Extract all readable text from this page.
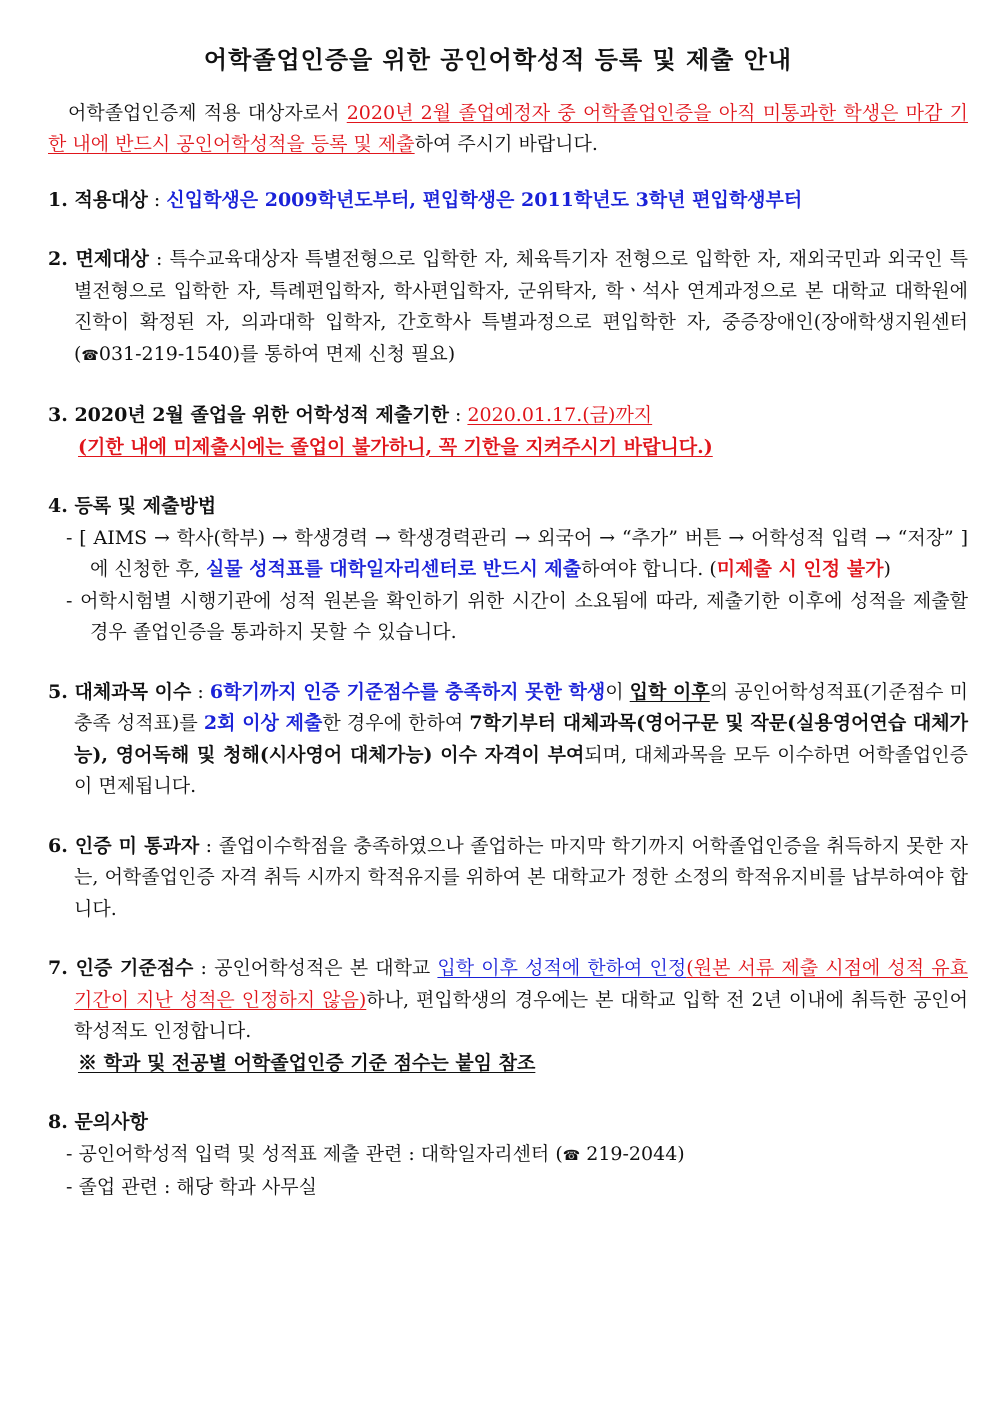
어학졸업인증을 위한 공인어학성적 등록 및 제출 안내

어학졸업인증제 적용 대상자로서 2020년 2월 졸업예정자 중 어학졸업인증을 아직 미통과한 학생은 마감 기한 내에 반드시 공인어학성적을 등록 및 제출하여 주시기 바랍니다.

1. 적용대상 : 신입학생은 2009학년도부터, 편입학생은 2011학년도 3학년 편입학생부터

2. 면제대상 : 특수교육대상자 특별전형으로 입학한 자, 체육특기자 전형으로 입학한 자, 재외국민과 외국인 특별전형으로 입학한 자, 특례편입학자, 학사편입학자, 군위탁자, 학ㆍ석사 연계과정으로 본 대학교 대학원에 진학이 확정된 자, 의과대학 입학자, 간호학사 특별과정으로 편입학한 자, 중증장애인(장애학생지원센터(☎031-219-1540)를 통하여 면제 신청 필요)

3. 2020년 2월 졸업을 위한 어학성적 제출기한 : 2020.01.17.(금)까지

(기한 내에 미제출시에는 졸업이 불가하니, 꼭 기한을 지켜주시기 바랍니다.)

4. 등록 및 제출방법

- [ AIMS → 학사(학부) → 학생경력 → 학생경력관리 → 외국어 → “추가” 버튼 → 어학성적 입력 → “저장” ]에 신청한 후, 실물 성적표를 대학일자리센터로 반드시 제출하여야 합니다. (미제출 시 인정 불가)

- 어학시험별 시행기관에 성적 원본을 확인하기 위한 시간이 소요됨에 따라, 제출기한 이후에 성적을 제출할 경우 졸업인증을 통과하지 못할 수 있습니다.

5. 대체과목 이수 : 6학기까지 인증 기준점수를 충족하지 못한 학생이 입학 이후의 공인어학성적표(기준점수 미충족 성적표)를 2회 이상 제출한 경우에 한하여 7학기부터 대체과목(영어구문 및 작문(실용영어연습 대체가능), 영어독해 및 청해(시사영어 대체가능) 이수 자격이 부여되며, 대체과목을 모두 이수하면 어학졸업인증이 면제됩니다.

6. 인증 미 통과자 : 졸업이수학점을 충족하였으나 졸업하는 마지막 학기까지 어학졸업인증을 취득하지 못한 자는, 어학졸업인증 자격 취득 시까지 학적유지를 위하여 본 대학교가 정한 소정의 학적유지비를 납부하여야 합니다.

7. 인증 기준점수 : 공인어학성적은 본 대학교 입학 이후 성적에 한하여 인정(원본 서류 제출 시점에 성적 유효기간이 지난 성적은 인정하지 않음)하나, 편입학생의 경우에는 본 대학교 입학 전 2년 이내에 취득한 공인어학성적도 인정합니다.

※ 학과 및 전공별 어학졸업인증 기준 점수는 붙임 참조

8. 문의사항

- 공인어학성적 입력 및 성적표 제출 관련 : 대학일자리센터 (☎ 219-2044)

- 졸업 관련 : 해당 학과 사무실
